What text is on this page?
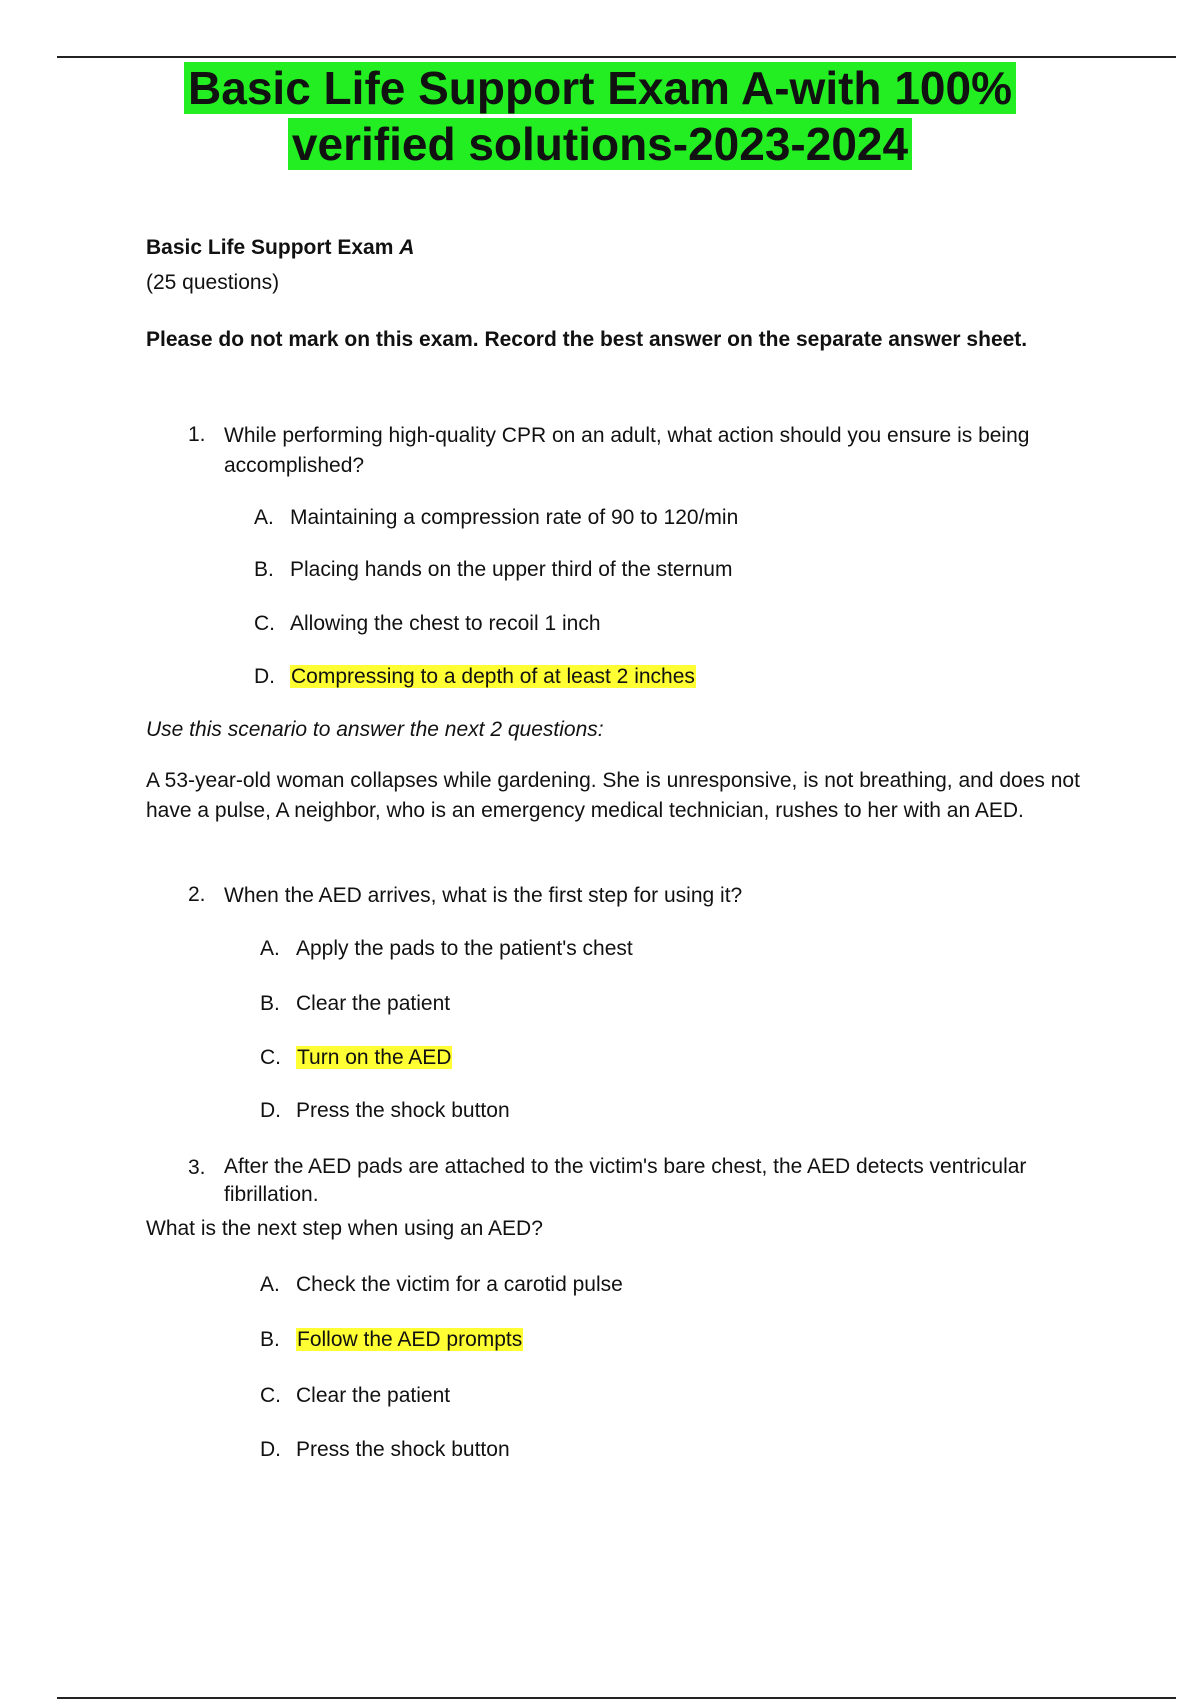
Basic Life Support Exam A-with 100%
verified solutions-2023-2024
Basic Life Support Exam A
(25 questions)
Please do not mark on this exam. Record the best answer on the separate answer sheet.
1. While performing high-quality CPR on an adult, what action should you ensure is being accomplished?
A. Maintaining a compression rate of 90 to 120/min
B. Placing hands on the upper third of the sternum
C. Allowing the chest to recoil 1 inch
D. Compressing to a depth of at least 2 inches
Use this scenario to answer the next 2 questions:
A 53-year-old woman collapses while gardening. She is unresponsive, is not breathing, and does not have a pulse, A neighbor, who is an emergency medical technician, rushes to her with an AED.
2. When the AED arrives, what is the first step for using it?
A. Apply the pads to the patient's chest
B. Clear the patient
C. Turn on the AED
D. Press the shock button
3. After the AED pads are attached to the victim's bare chest, the AED detects ventricular fibrillation.
What is the next step when using an AED?
A. Check the victim for a carotid pulse
B. Follow the AED prompts
C. Clear the patient
D. Press the shock button
